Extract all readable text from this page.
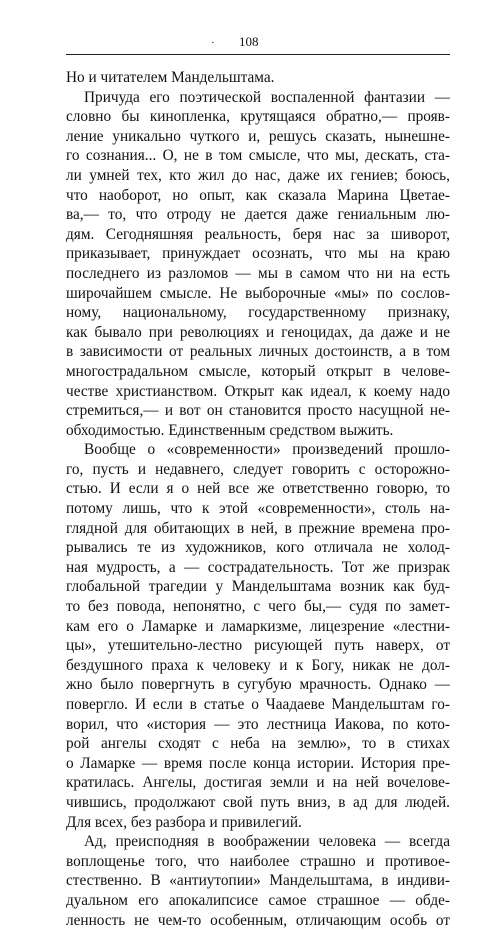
· 108
Но и читателем Мандельштама.
Причуда его поэтической воспаленной фантазии —
словно бы кинопленка, крутящаяся обратно,— прояв-
ление уникально чуткого и, решусь сказать, нынешне-
го сознания... О, не в том смысле, что мы, дескать, ста-
ли умней тех, кто жил до нас, даже их гениев; боюсь,
что наоборот, но опыт, как сказала Марина Цветае-
ва,— то, что отроду не дается даже гениальным лю-
дям. Сегодняшняя реальность, беря нас за шиворот,
приказывает, принуждает осознать, что мы на краю
последнего из разломов — мы в самом что ни на есть
широчайшем смысле. Не выборочные «мы» по сослов-
ному, национальному, государственному признаку,
как бывало при революциях и геноцидах, да даже и не
в зависимости от реальных личных достоинств, а в том
многострадальном смысле, который открыт в челове-
честве христианством. Открыт как идеал, к коему надо
стремиться,— и вот он становится просто насущной не-
обходимостью. Единственным средством выжить.
Вообще о «современности» произведений прошло-
го, пусть и недавнего, следует говорить с осторожно-
стью. И если я о ней все же ответственно говорю, то
потому лишь, что к этой «современности», столь на-
глядной для обитающих в ней, в прежние времена про-
рывались те из художников, кого отличала не холод-
ная мудрость, а — сострадательность. Тот же призрак
глобальной трагедии у Мандельштама возник как буд-
то без повода, непонятно, с чего бы,— судя по замет-
кам его о Ламарке и ламаркизме, лицезрение «лестни-
цы», утешительно-лестно рисующей путь наверх, от
бездушного праха к человеку и к Богу, никак не дол-
жно было повергнуть в сугубую мрачность. Однако —
повергло. И если в статье о Чаадаеве Мандельштам го-
ворил, что «история — это лестница Иакова, по кото-
рой ангелы сходят с неба на землю», то в стихах
о Ламарке — время после конца истории. История пре-
кратилась. Ангелы, достигая земли и на ней вочелове-
чившись, продолжают свой путь вниз, в ад для людей.
Для всех, без разбора и привилегий.
Ад, преисподняя в воображении человека — всегда
воплощенье того, что наиболее страшно и противое-
стественно. В «антиутопии» Мандельштама, в индиви-
дуальном его апокалипсисе самое страшное — обде-
ленность не чем-то особенным, отличающим особь от
